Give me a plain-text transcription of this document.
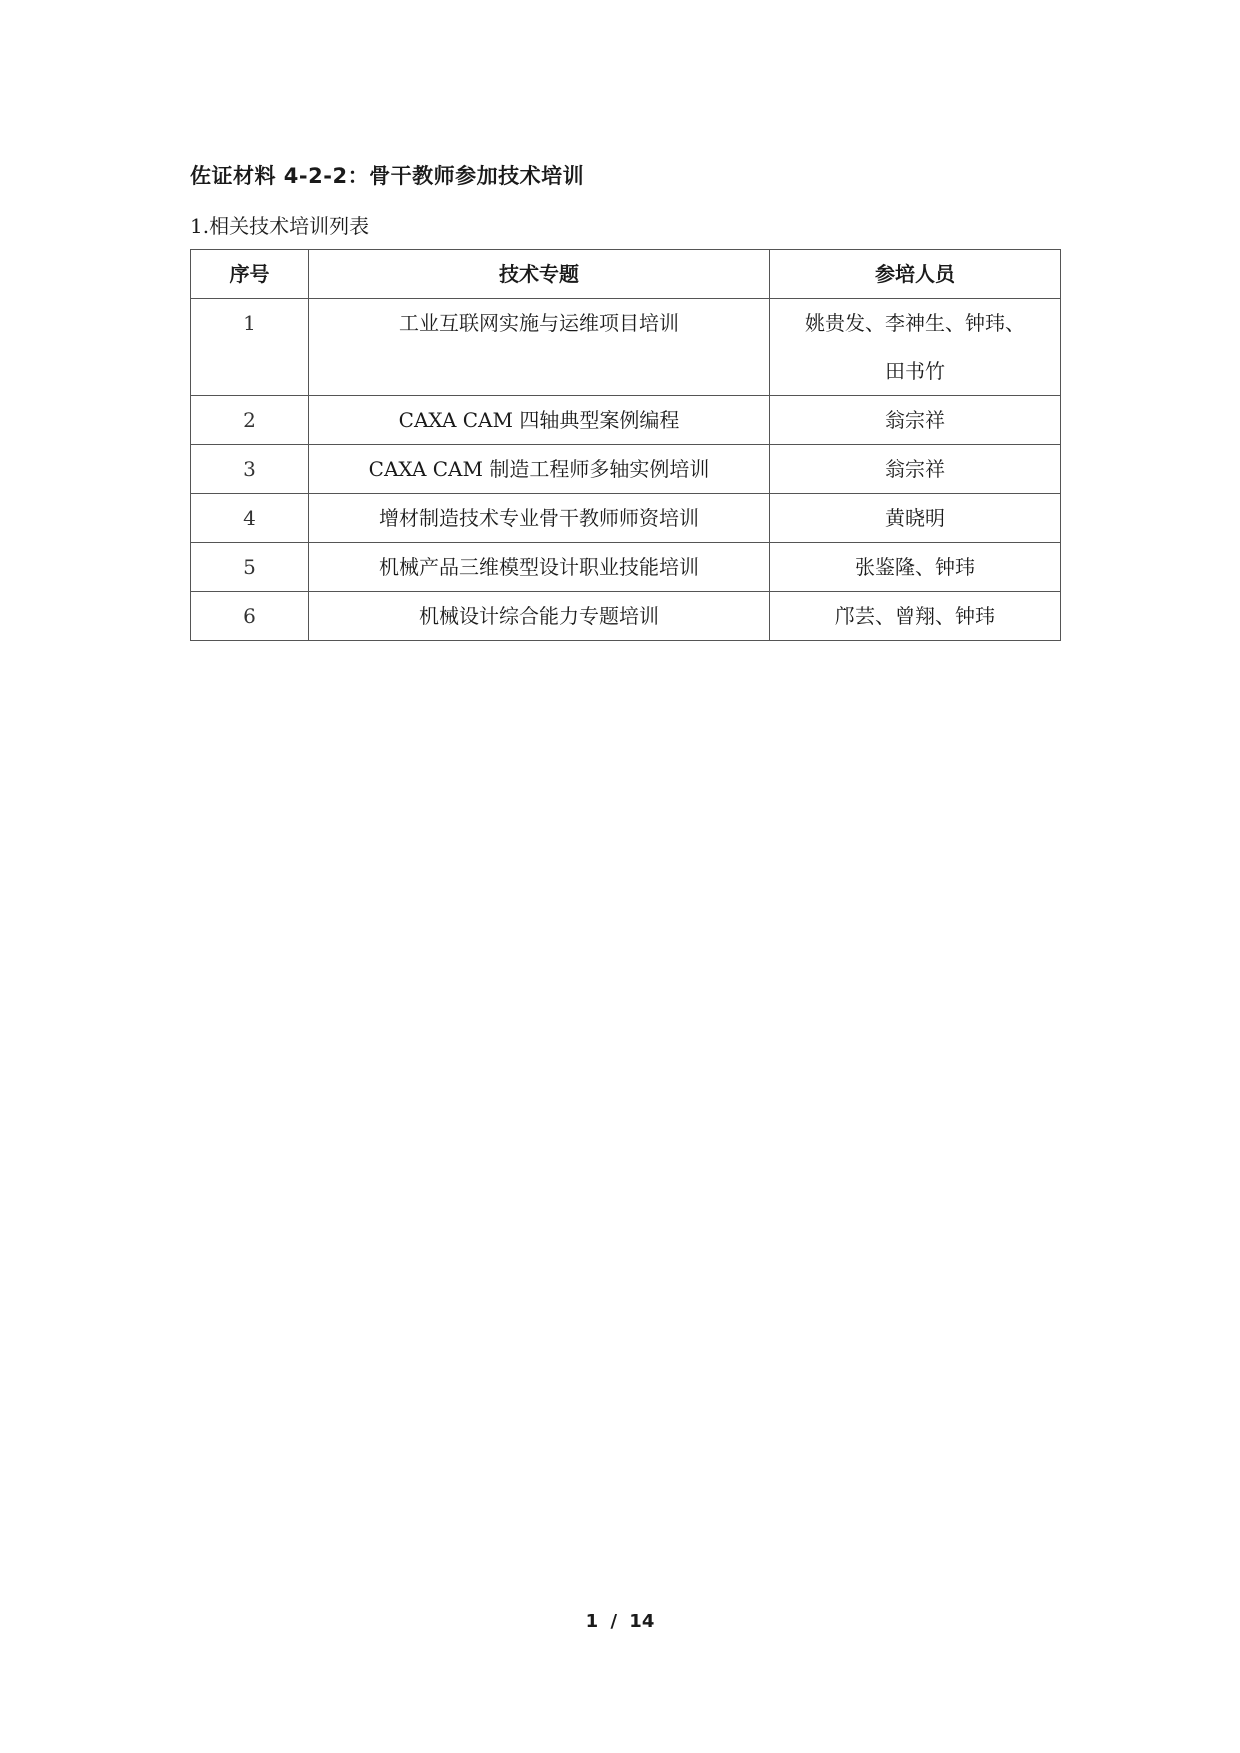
佐证材料 4-2-2：骨干教师参加技术培训
1.相关技术培训列表
序号	技术专题	参培人员
1	工业互联网实施与运维项目培训	姚贵发、李神生、钟玮、
田书竹

2	CAXA CAM 四轴典型案例编程	翁宗祥
3	CAXA CAM 制造工程师多轴实例培训	翁宗祥
4	增材制造技术专业骨干教师师资培训	黄晓明
5	机械产品三维模型设计职业技能培训	张鉴隆、钟玮
6	机械设计综合能力专题培训	邝芸、曾翔、钟玮
1 / 14
